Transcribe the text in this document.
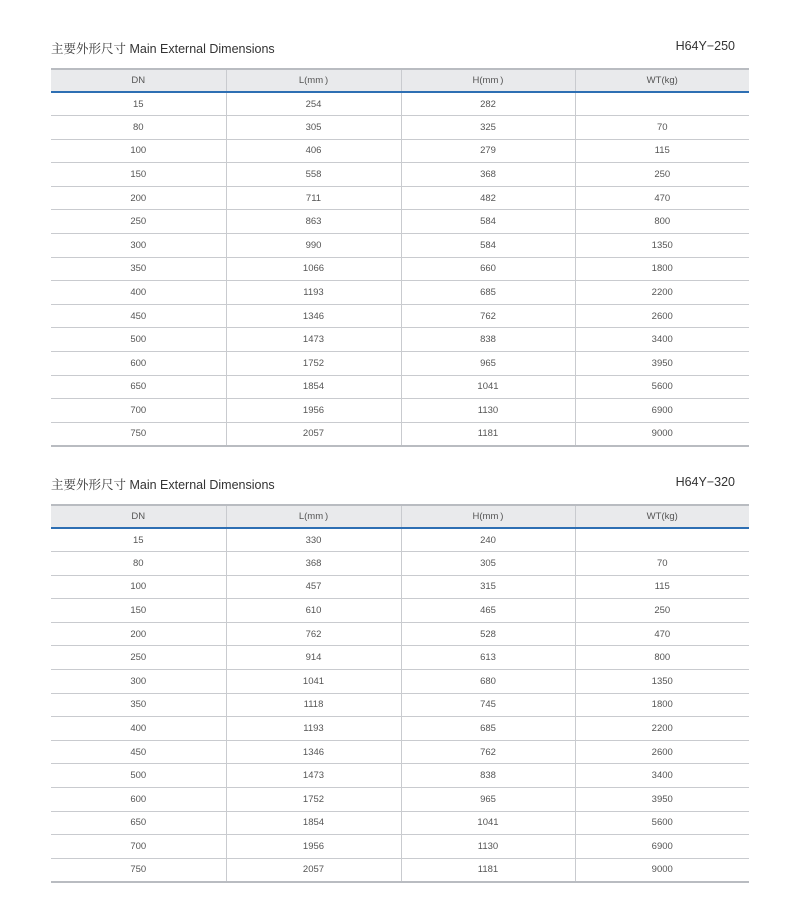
主要外形尺寸 Main External Dimensions	H64Y−250
DN	L(mm )	H(mm )	WT(kg)
15	254	282	
80	305	325	70
100	406	279	115
150	558	368	250
200	711	482	470
250	863	584	800
300	990	584	1350
350	1066	660	1800
400	1193	685	2200
450	1346	762	2600
500	1473	838	3400
600	1752	965	3950
650	1854	1041	5600
700	1956	1130	6900
750	2057	1181	9000
主要外形尺寸 Main External Dimensions	H64Y−320
DN	L(mm )	H(mm )	WT(kg)
15	330	240	
80	368	305	70
100	457	315	115
150	610	465	250
200	762	528	470
250	914	613	800
300	1041	680	1350
350	1118	745	1800
400	1193	685	2200
450	1346	762	2600
500	1473	838	3400
600	1752	965	3950
650	1854	1041	5600
700	1956	1130	6900
750	2057	1181	9000
